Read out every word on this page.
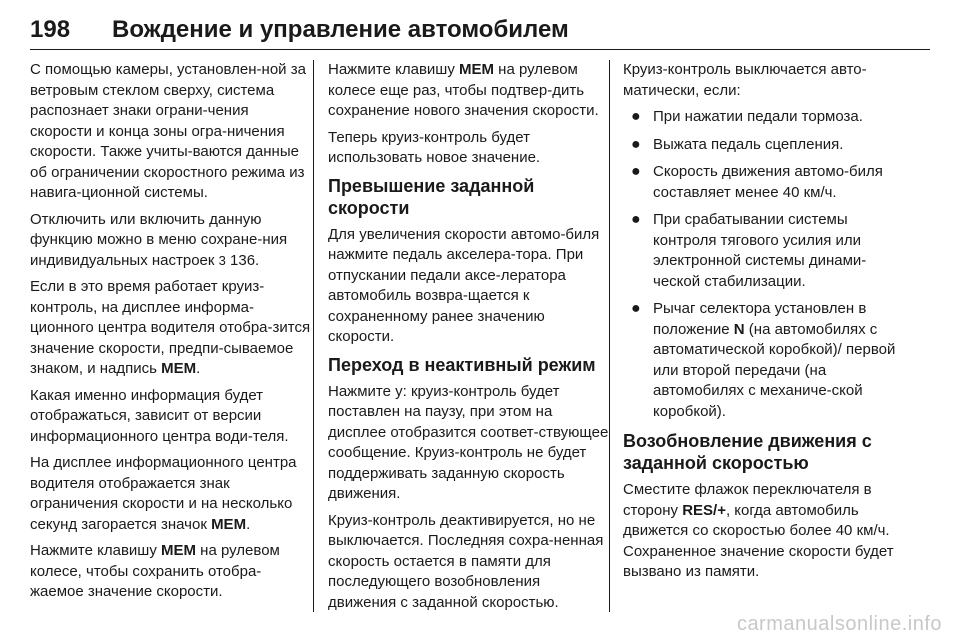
198	Вождение и управление автомобилем

С помощью камеры, установлен-ной за ветровым стеклом сверху, система распознает знаки ограни-чения скорости и конца зоны огра-ничения скорости. Также учиты-ваются данные об ограничении скоростного режима из навига-ционной системы.

Отключить или включить данную функцию можно в меню сохране-ния индивидуальных настроек 3 136.

Если в это время работает круиз-контроль, на дисплее информа-ционного центра водителя отобра-зится значение скорости, предпи-сываемое знаком, и надпись MEM.

Какая именно информация будет отображаться, зависит от версии информационного центра води-теля.

На дисплее информационного центра водителя отображается знак ограничения скорости и на несколько секунд загорается значок MEM.

Нажмите клавишу MEM на рулевом колесе, чтобы сохранить отобра-жаемое значение скорости.

Нажмите клавишу MEM на рулевом колесе еще раз, чтобы подтвер-дить сохранение нового значения скорости.

Теперь круиз-контроль будет использовать новое значение.

Превышение заданной скорости

Для увеличения скорости автомо-биля нажмите педаль акселера-тора. При отпускании педали аксе-лератора автомобиль возвра-щается к сохраненному ранее значению скорости.

Переход в неактивный режим

Нажмите y: круиз-контроль будет поставлен на паузу, при этом на дисплее отобразится соответ-ствующее сообщение. Круиз-контроль не будет поддерживать заданную скорость движения.

Круиз-контроль деактивируется, но не выключается. Последняя сохра-ненная скорость остается в памяти для последующего возобновления движения с заданной скоростью.

Круиз-контроль выключается авто-матически, если:

● При нажатии педали тормоза.
● Выжата педаль сцепления.
● Скорость движения автомо-биля составляет менее 40 км/ч.
● При срабатывании системы контроля тягового усилия или электронной системы динами-ческой стабилизации.
● Рычаг селектора установлен в положение N (на автомобилях с автоматической коробкой)/ первой или второй передачи (на автомобилях с механиче-ской коробкой).
Возобновление движения с заданной скоростью

Сместите флажок переключателя в сторону RES/+, когда автомобиль движется со скоростью более 40 км/ч. Сохраненное значение скорости будет вызвано из памяти.

carmanualsonline.info
